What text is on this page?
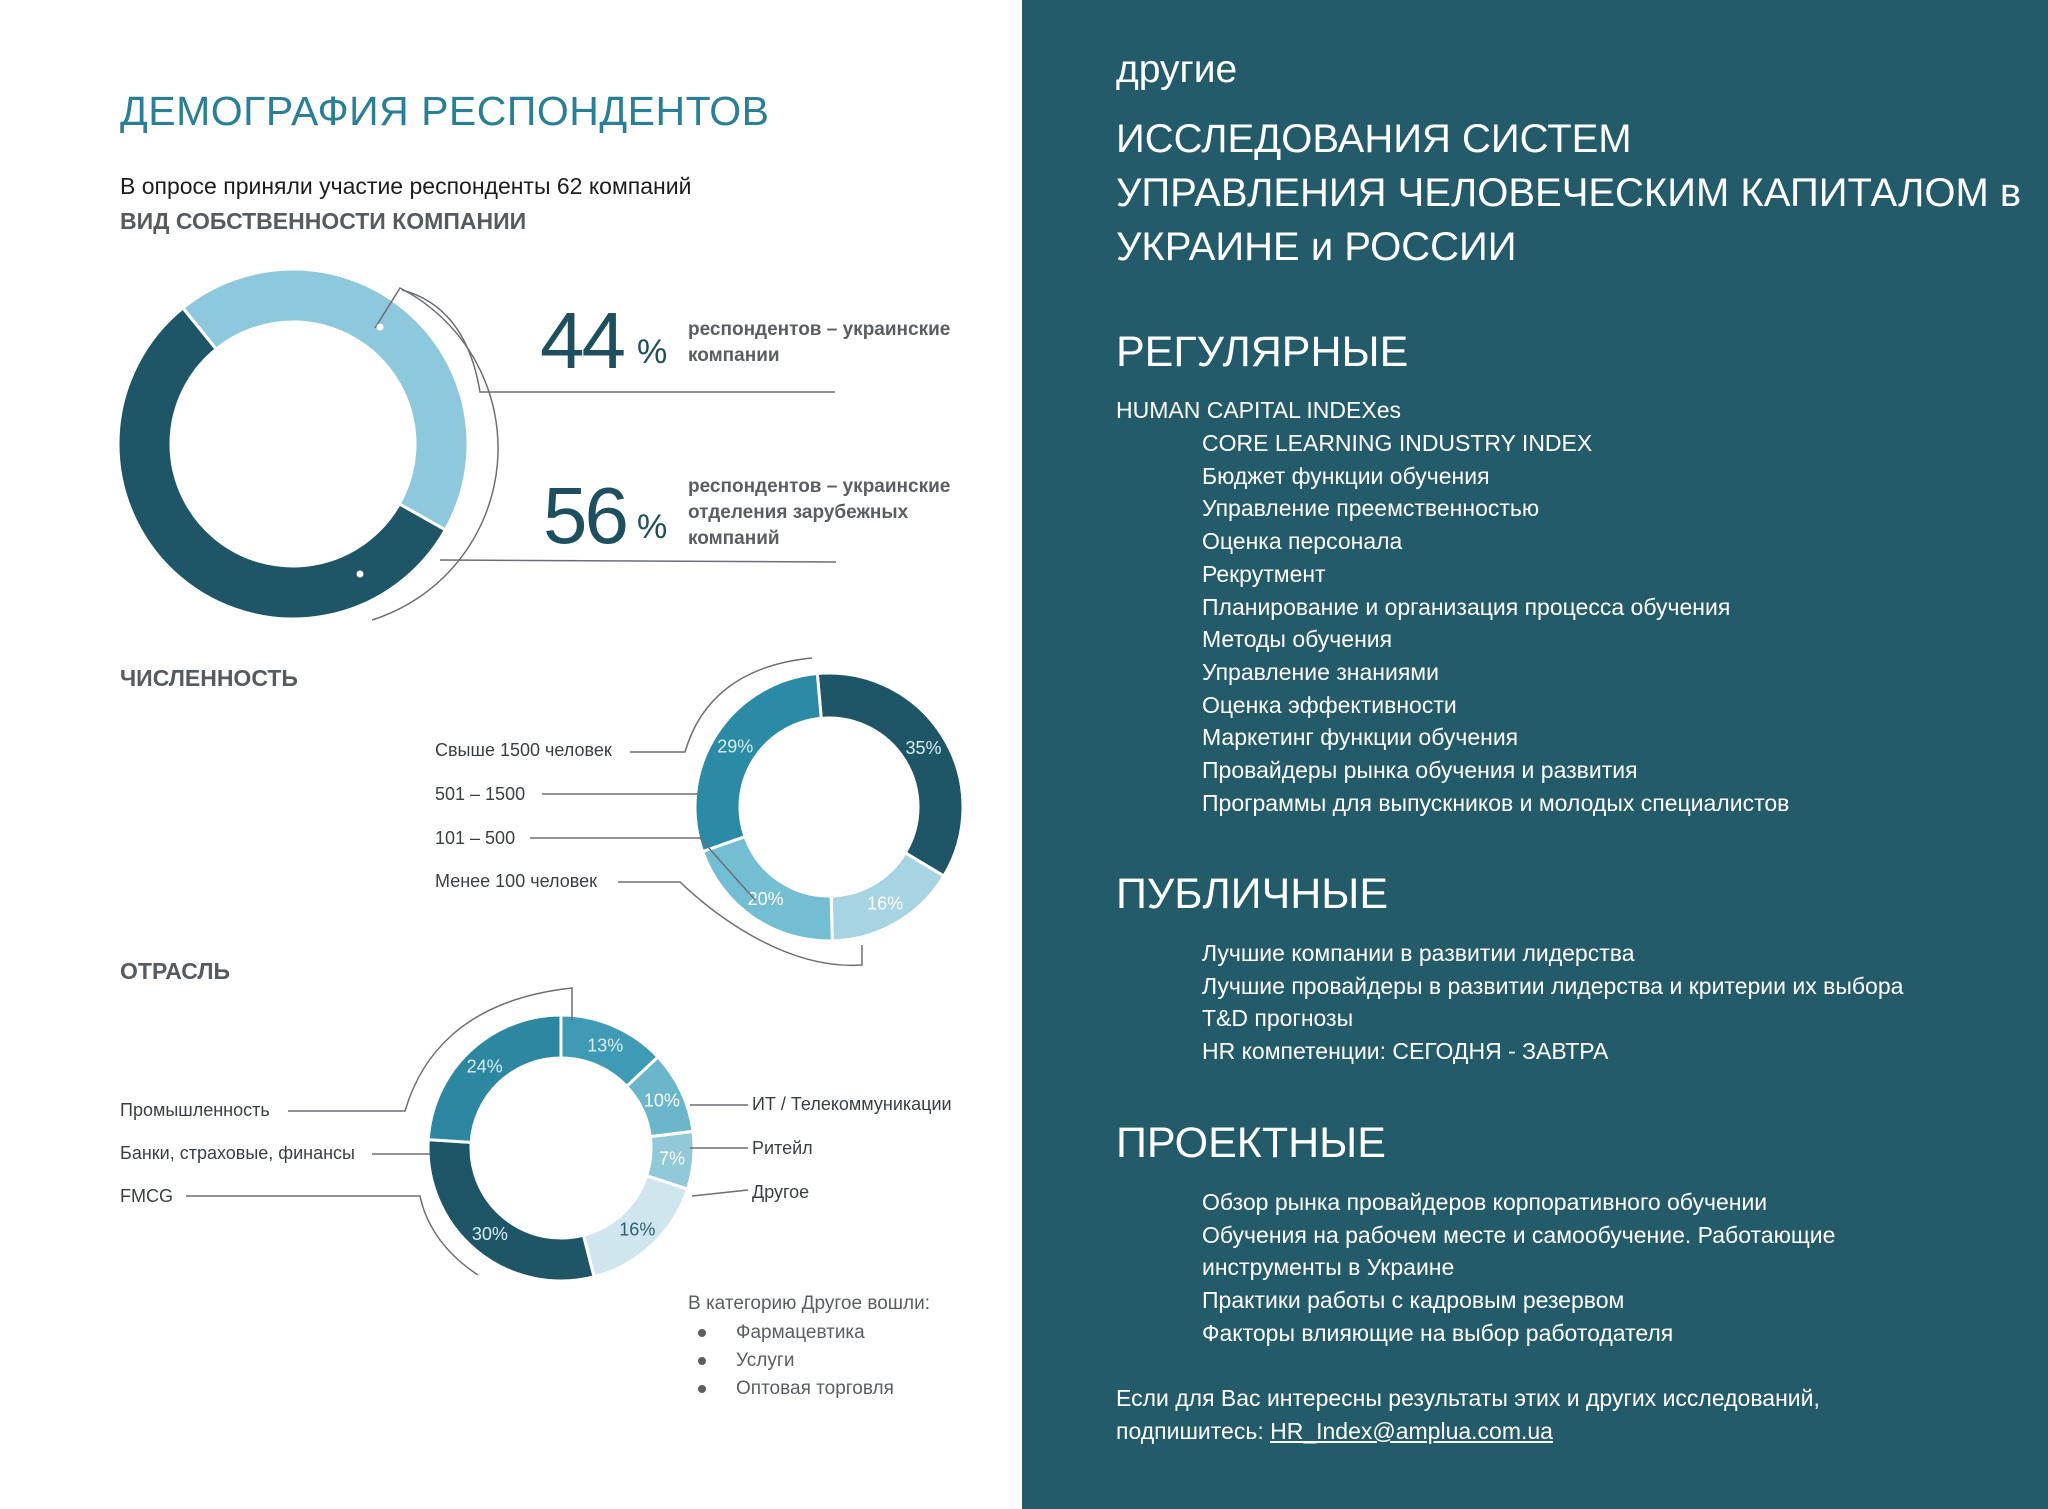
ДЕМОГРАФИЯ РЕСПОНДЕНТОВ
В опросе приняли участие респонденты 62 компаний
ВИД СОБСТВЕННОСТИ КОМПАНИИ
35%
16%
20%
29%
13%
10%
7%
16%
30%
24%
44 %
респондентов – украинские компании
56 %
респондентов – украинские отделения зарубежных компаний
ЧИСЛЕННОСТЬ
Свыше 1500 человек
501 – 1500
101 – 500
Менее 100 человек
ОТРАСЛЬ
Промышленность
Банки, страховые, финансы
FMCG
ИТ / Телекоммуникации
Ритейл
Другое
В категорию Другое вошли:
Фармацевтика
Услуги
Оптовая торговля
другие
ИССЛЕДОВАНИЯ СИСТЕМ
УПРАВЛЕНИЯ ЧЕЛОВЕЧЕСКИМ КАПИТАЛОМ в
УКРАИНЕ и РОССИИ
РЕГУЛЯРНЫЕ
HUMAN CAPITAL INDEXes
CORE LEARNING INDUSTRY INDEX
Бюджет функции обучения
Управление преемственностью
Оценка персонала
Рекрутмент
Планирование и организация процесса обучения
Методы обучения
Управление знаниями
Оценка эффективности
Маркетинг функции обучения
Провайдеры рынка обучения и развития
Программы для выпускников и молодых специалистов
ПУБЛИЧНЫЕ
Лучшие компании в развитии лидерства
Лучшие провайдеры в развитии лидерства и критерии их выбора
T&D прогнозы
HR компетенции: СЕГОДНЯ - ЗАВТРА
ПРОЕКТНЫЕ
Обзор рынка провайдеров корпоративного обучении
Обучения на рабочем месте и самообучение. Работающие
инструменты в Украине
Практики работы с кадровым резервом
Факторы влияющие на выбор работодателя
Если для Вас интересны результаты этих и других исследований,
подпишитесь: HR_Index@amplua.com.ua
